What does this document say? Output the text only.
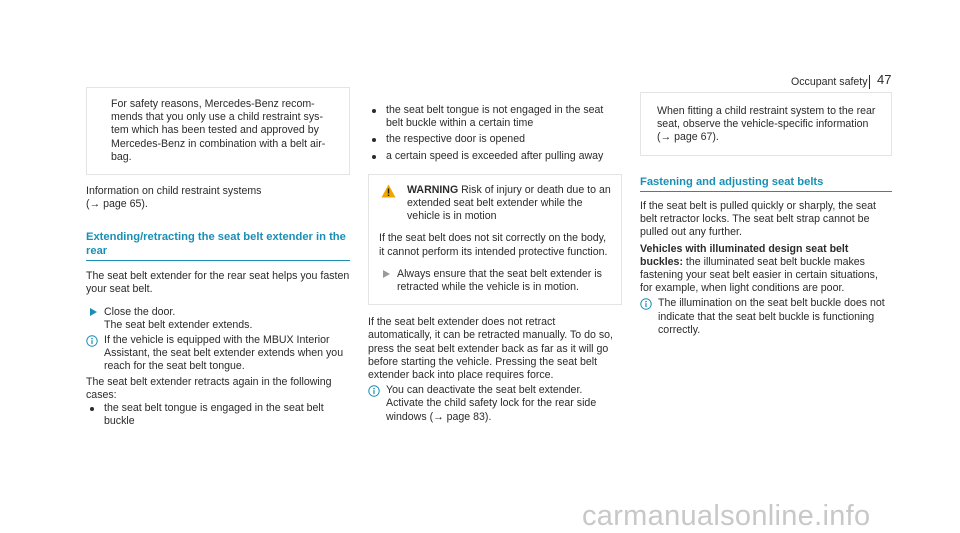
Occupant safety 47

For safety reasons, Mercedes-Benz recom-mends that you only use a child restraint sys-tem which has been tested and approved by Mercedes-Benz in combination with a belt air-bag.

Information on child restraint systems
(→ page 65).

Extending/retracting the seat belt extender in the rear

The seat belt extender for the rear seat helps you fasten your seat belt.

Close the door.
The seat belt extender extends.
If the vehicle is equipped with the MBUX Interior Assistant, the seat belt extender extends when you reach for the seat belt tongue.

The seat belt extender retracts again in the following cases:

the seat belt tongue is engaged in the seat belt buckle
the seat belt tongue is not engaged in the seat belt buckle within a certain time
the respective door is opened
a certain speed is exceeded after pulling away
WARNING Risk of injury or death due to an extended seat belt extender while the vehicle is in motion

If the seat belt does not sit correctly on the body, it cannot perform its intended protective function.

Always ensure that the seat belt extender is retracted while the vehicle is in motion.

If the seat belt extender does not retract automatically, it can be retracted manually. To do so, press the seat belt extender back as far as it will go before starting the vehicle. Pressing the seat belt extender back into place requires force.

You can deactivate the seat belt extender. Activate the child safety lock for the rear side windows (→ page 83).

When fitting a child restraint system to the rear seat, observe the vehicle-specific information (→ page 67).

Fastening and adjusting seat belts

If the seat belt is pulled quickly or sharply, the seat belt retractor locks. The seat belt strap cannot be pulled out any further.

Vehicles with illuminated design seat belt buckles: the illuminated seat belt buckle makes fastening your seat belt easier in certain situations, for example, when light conditions are poor.

The illumination on the seat belt buckle does not indicate that the seat belt buckle is functioning correctly.
carmanualsonline.info
